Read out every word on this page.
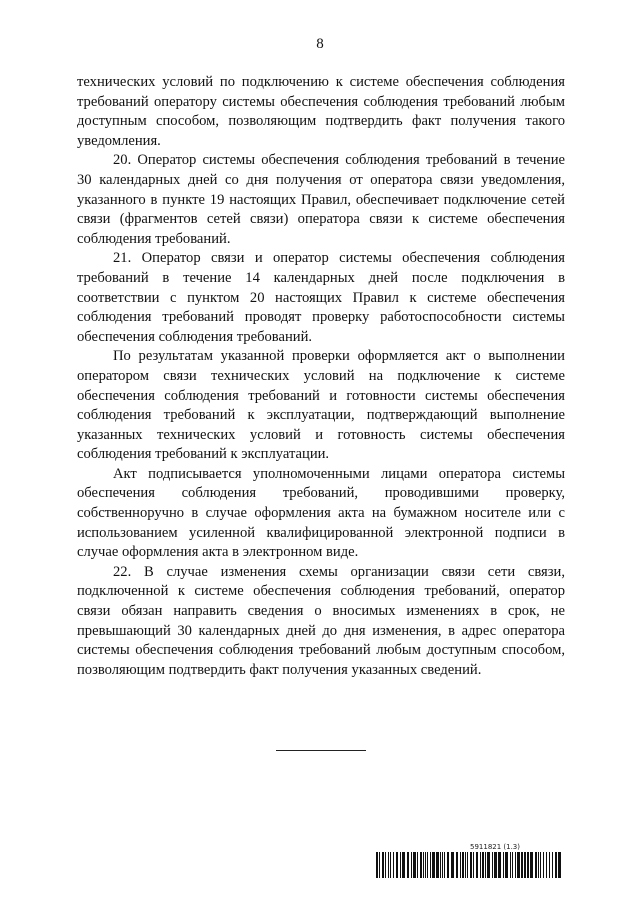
8

технических условий по подключению к системе обеспечения соблюдения требований оператору системы обеспечения соблюдения требований любым доступным способом, позволяющим подтвердить факт получения такого уведомления.

20. Оператор системы обеспечения соблюдения требований в течение 30 календарных дней со дня получения от оператора связи уведомления, указанного в пункте 19 настоящих Правил, обеспечивает подключение сетей связи (фрагментов сетей связи) оператора связи к системе обеспечения соблюдения требований.

21. Оператор связи и оператор системы обеспечения соблюдения требований в течение 14 календарных дней после подключения в соответствии с пунктом 20 настоящих Правил к системе обеспечения соблюдения требований проводят проверку работоспособности системы обеспечения соблюдения требований.

По результатам указанной проверки оформляется акт о выполнении оператором связи технических условий на подключение к системе обеспечения соблюдения требований и готовности системы обеспечения соблюдения требований к эксплуатации, подтверждающий выполнение указанных технических условий и готовность системы обеспечения соблюдения требований к эксплуатации.

Акт подписывается уполномоченными лицами оператора системы обеспечения соблюдения требований, проводившими проверку, собственноручно в случае оформления акта на бумажном носителе или с использованием усиленной квалифицированной электронной подписи в случае оформления акта в электронном виде.

22. В случае изменения схемы организации связи сети связи, подключенной к системе обеспечения соблюдения требований, оператор связи обязан направить сведения о вносимых изменениях в срок, не превышающий 30 календарных дней до дня изменения, в адрес оператора системы обеспечения соблюдения требований любым доступным способом, позволяющим подтвердить факт получения указанных сведений.

5911821 (1.3)
